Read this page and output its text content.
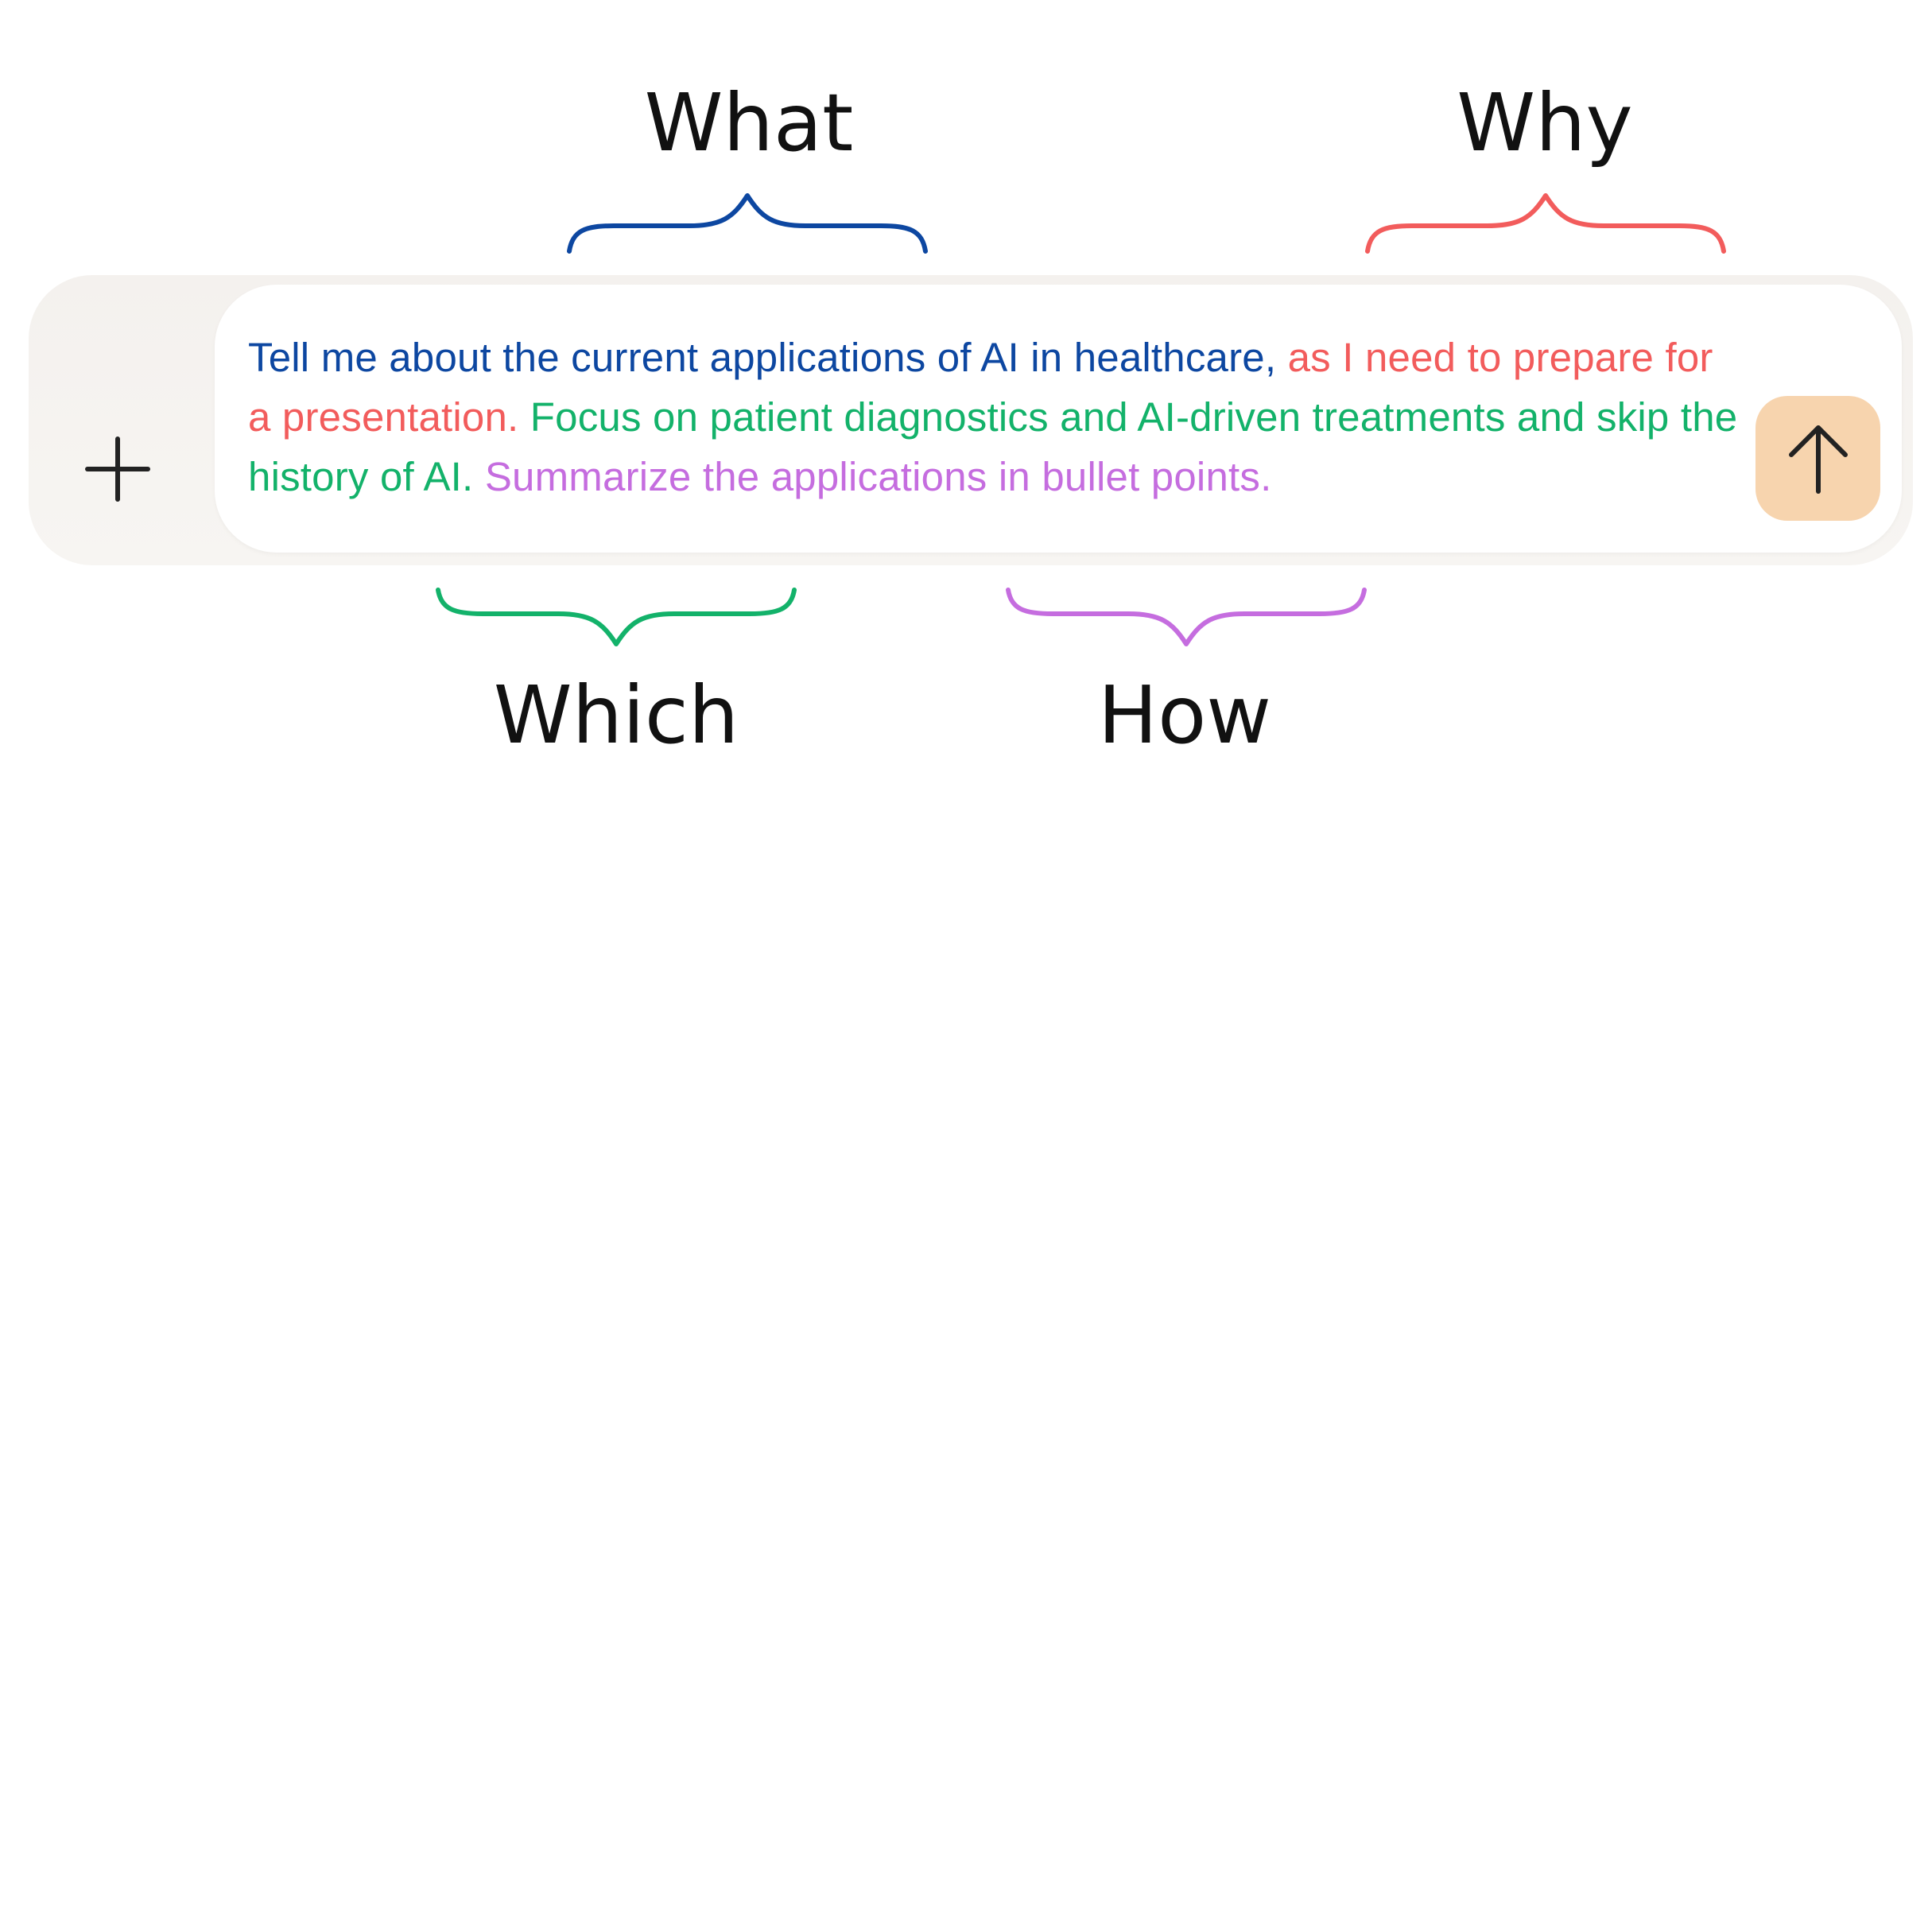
What	Why
Tell me about the current applications of AI in healthcare, as I need to prepare for a presentation. Focus on patient diagnostics and AI-driven treatments and skip the history of AI. Summarize the applications in bullet points.
Which	How
